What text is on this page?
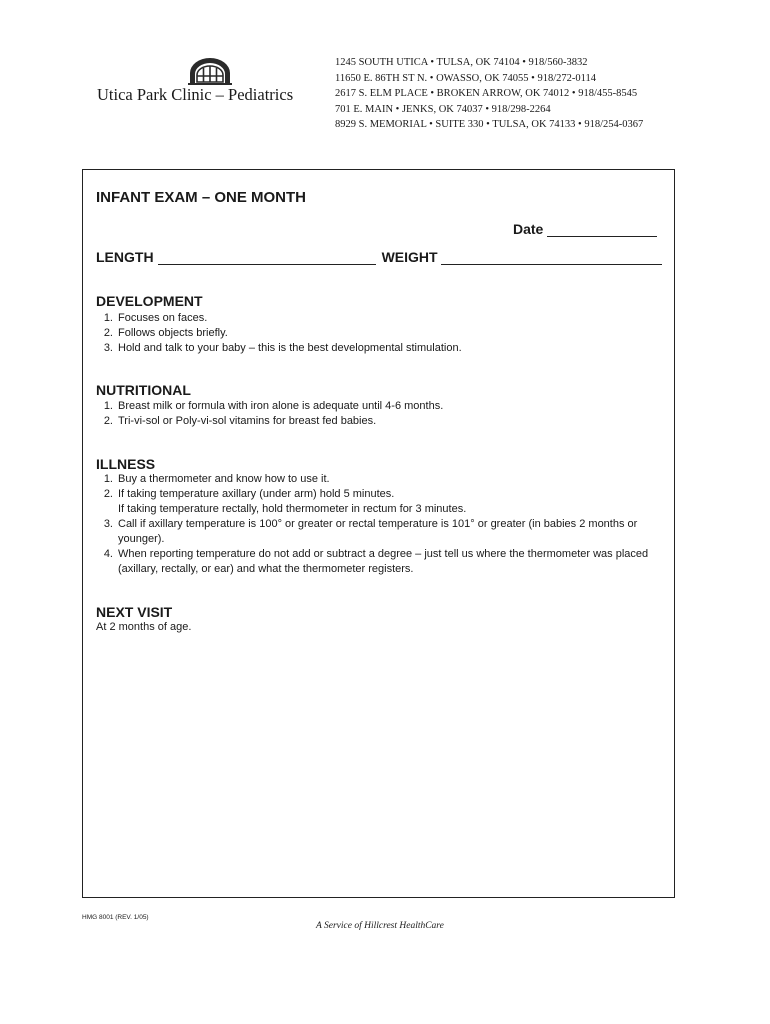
Utica Park Clinic – Pediatrics
1245 SOUTH UTICA • TULSA, OK 74104 • 918/560-3832
11650 E. 86TH ST N. • OWASSO, OK 74055 • 918/272-0114
2617 S. ELM PLACE • BROKEN ARROW, OK 74012 • 918/455-8545
701 E. MAIN • JENKS, OK 74037 • 918/298-2264
8929 S. MEMORIAL • SUITE 330 • TULSA, OK 74133 • 918/254-0367
INFANT EXAM – ONE MONTH
Date
LENGTH	WEIGHT
DEVELOPMENT
1. Focuses on faces.
2. Follows objects briefly.
3. Hold and talk to your baby – this is the best developmental stimulation.
NUTRITIONAL
1. Breast milk or formula with iron alone is adequate until 4-6 months.
2. Tri-vi-sol or Poly-vi-sol vitamins for breast fed babies.
ILLNESS
1. Buy a thermometer and know how to use it.
2. If taking temperature axillary (under arm) hold 5 minutes.
If taking temperature rectally, hold thermometer in rectum for 3 minutes.
3. Call if axillary temperature is 100° or greater or rectal temperature is 101° or greater (in babies 2 months or younger).
4. When reporting temperature do not add or subtract a degree – just tell us where the thermometer was placed (axillary, rectally, or ear) and what the thermometer registers.
NEXT VISIT
At 2 months of age.
HMG 8001 (REV. 1/05)
A Service of Hillcrest HealthCare
